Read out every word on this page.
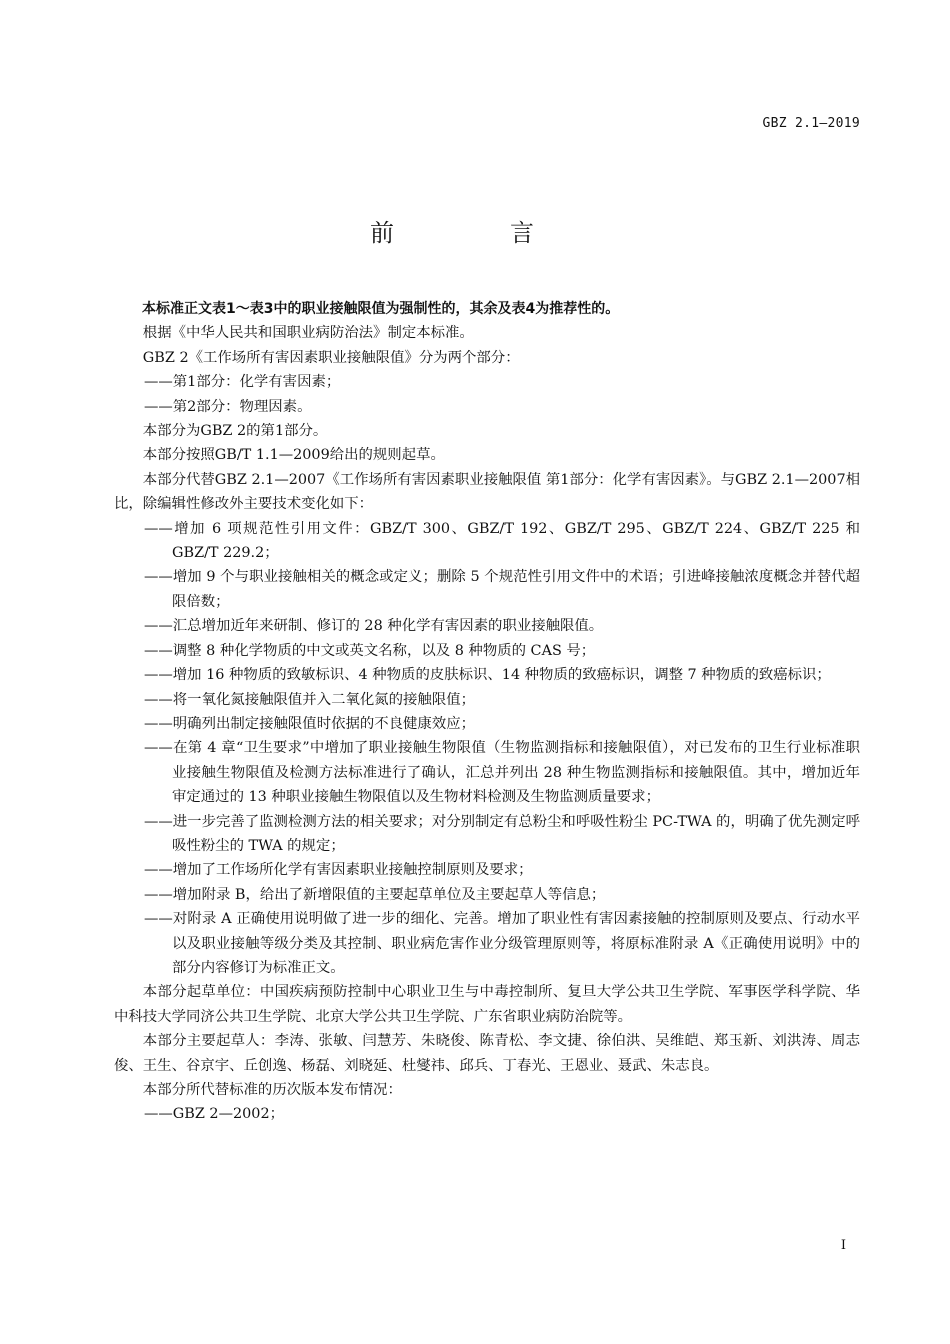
GBZ 2.1—2019
前　言

本标准正文表1～表3中的职业接触限值为强制性的，其余及表4为推荐性的。

根据《中华人民共和国职业病防治法》制定本标准。

GBZ 2《工作场所有害因素职业接触限值》分为两个部分：

——第1部分：化学有害因素；

——第2部分：物理因素。

本部分为GBZ 2的第1部分。

本部分按照GB/T 1.1—2009给出的规则起草。

本部分代替GBZ 2.1—2007《工作场所有害因素职业接触限值 第1部分：化学有害因素》。与GBZ 2.1—2007相比，除编辑性修改外主要技术变化如下：

——增加 6 项规范性引用文件：GBZ/T 300、GBZ/T 192、GBZ/T 295、GBZ/T 224、GBZ/T 225 和 GBZ/T 229.2；

——增加 9 个与职业接触相关的概念或定义；删除 5 个规范性引用文件中的术语；引进峰接触浓度概念并替代超限倍数；

——汇总增加近年来研制、修订的 28 种化学有害因素的职业接触限值。

——调整 8 种化学物质的中文或英文名称，以及 8 种物质的 CAS 号；

——增加 16 种物质的致敏标识、4 种物质的皮肤标识、14 种物质的致癌标识，调整 7 种物质的致癌标识；

——将一氧化氮接触限值并入二氧化氮的接触限值；

——明确列出制定接触限值时依据的不良健康效应；

——在第 4 章“卫生要求”中增加了职业接触生物限值（生物监测指标和接触限值），对已发布的卫生行业标准职业接触生物限值及检测方法标准进行了确认，汇总并列出 28 种生物监测指标和接触限值。其中，增加近年审定通过的 13 种职业接触生物限值以及生物材料检测及生物监测质量要求；

——进一步完善了监测检测方法的相关要求；对分别制定有总粉尘和呼吸性粉尘 PC-TWA 的，明确了优先测定呼吸性粉尘的 TWA 的规定；

——增加了工作场所化学有害因素职业接触控制原则及要求；

——增加附录 B，给出了新增限值的主要起草单位及主要起草人等信息；

——对附录 A 正确使用说明做了进一步的细化、完善。增加了职业性有害因素接触的控制原则及要点、行动水平以及职业接触等级分类及其控制、职业病危害作业分级管理原则等，将原标准附录 A《正确使用说明》中的部分内容修订为标准正文。

本部分起草单位：中国疾病预防控制中心职业卫生与中毒控制所、复旦大学公共卫生学院、军事医学科学院、华中科技大学同济公共卫生学院、北京大学公共卫生学院、广东省职业病防治院等。

本部分主要起草人：李涛、张敏、闫慧芳、朱晓俊、陈青松、李文捷、徐伯洪、吴维皑、郑玉新、刘洪涛、周志俊、王生、谷京宇、丘创逸、杨磊、刘晓延、杜燮祎、邱兵、丁春光、王恩业、聂武、朱志良。

本部分所代替标准的历次版本发布情况：

——GBZ 2—2002；

I
